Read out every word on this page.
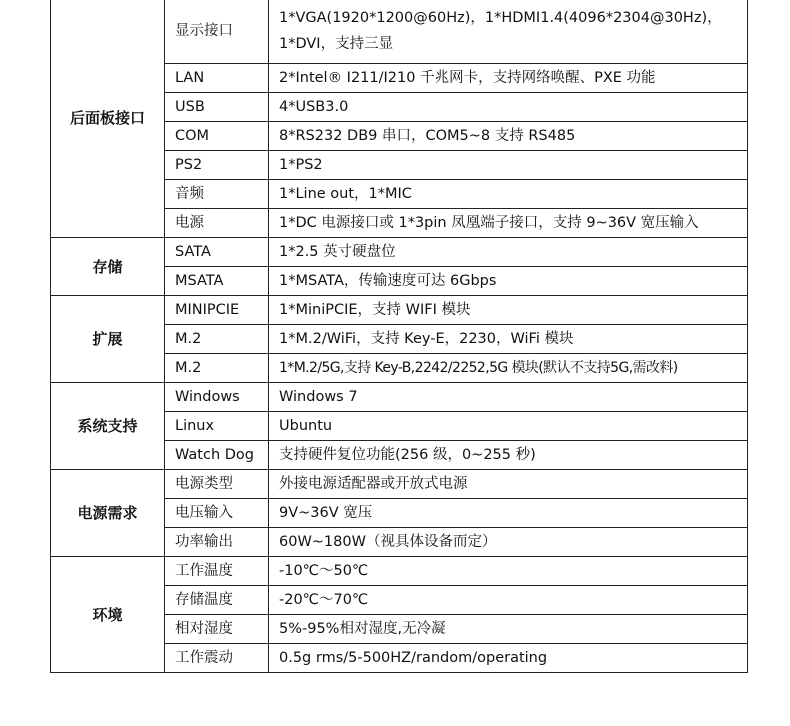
后面板接口	显示接口	1*VGA(1920*1200@60Hz)，1*HDMI1.4(4096*2304@30Hz)，1*DVI，支持三显
	LAN	2*Intel® I211/I210 千兆网卡，支持网络唤醒、PXE 功能
	USB	4*USB3.0
	COM	8*RS232 DB9 串口，COM5~8 支持 RS485
	PS2	1*PS2
	音频	1*Line out，1*MIC
	电源	1*DC 电源接口或 1*3pin 凤凰端子接口，支持 9~36V 宽压输入
存储	SATA	1*2.5 英寸硬盘位
	MSATA	1*MSATA，传输速度可达 6Gbps
扩展	MINIPCIE	1*MiniPCIE，支持 WIFI 模块
	M.2	1*M.2/WiFi，支持 Key-E，2230，WiFi 模块
	M.2	1*M.2/5G,支持 Key-B,2242/2252,5G 模块(默认不支持5G,需改料)
系统支持	Windows	Windows 7
	Linux	Ubuntu
	Watch Dog	支持硬件复位功能(256 级，0~255 秒)
电源需求	电源类型	外接电源适配器或开放式电源
	电压输入	9V~36V 宽压
	功率输出	60W~180W（视具体设备而定）
环境	工作温度	-10℃～50℃
	存储温度	-20℃～70℃
	相对湿度	5%-95%相对湿度,无冷凝
	工作震动	0.5g rms/5-500HZ/random/operating
